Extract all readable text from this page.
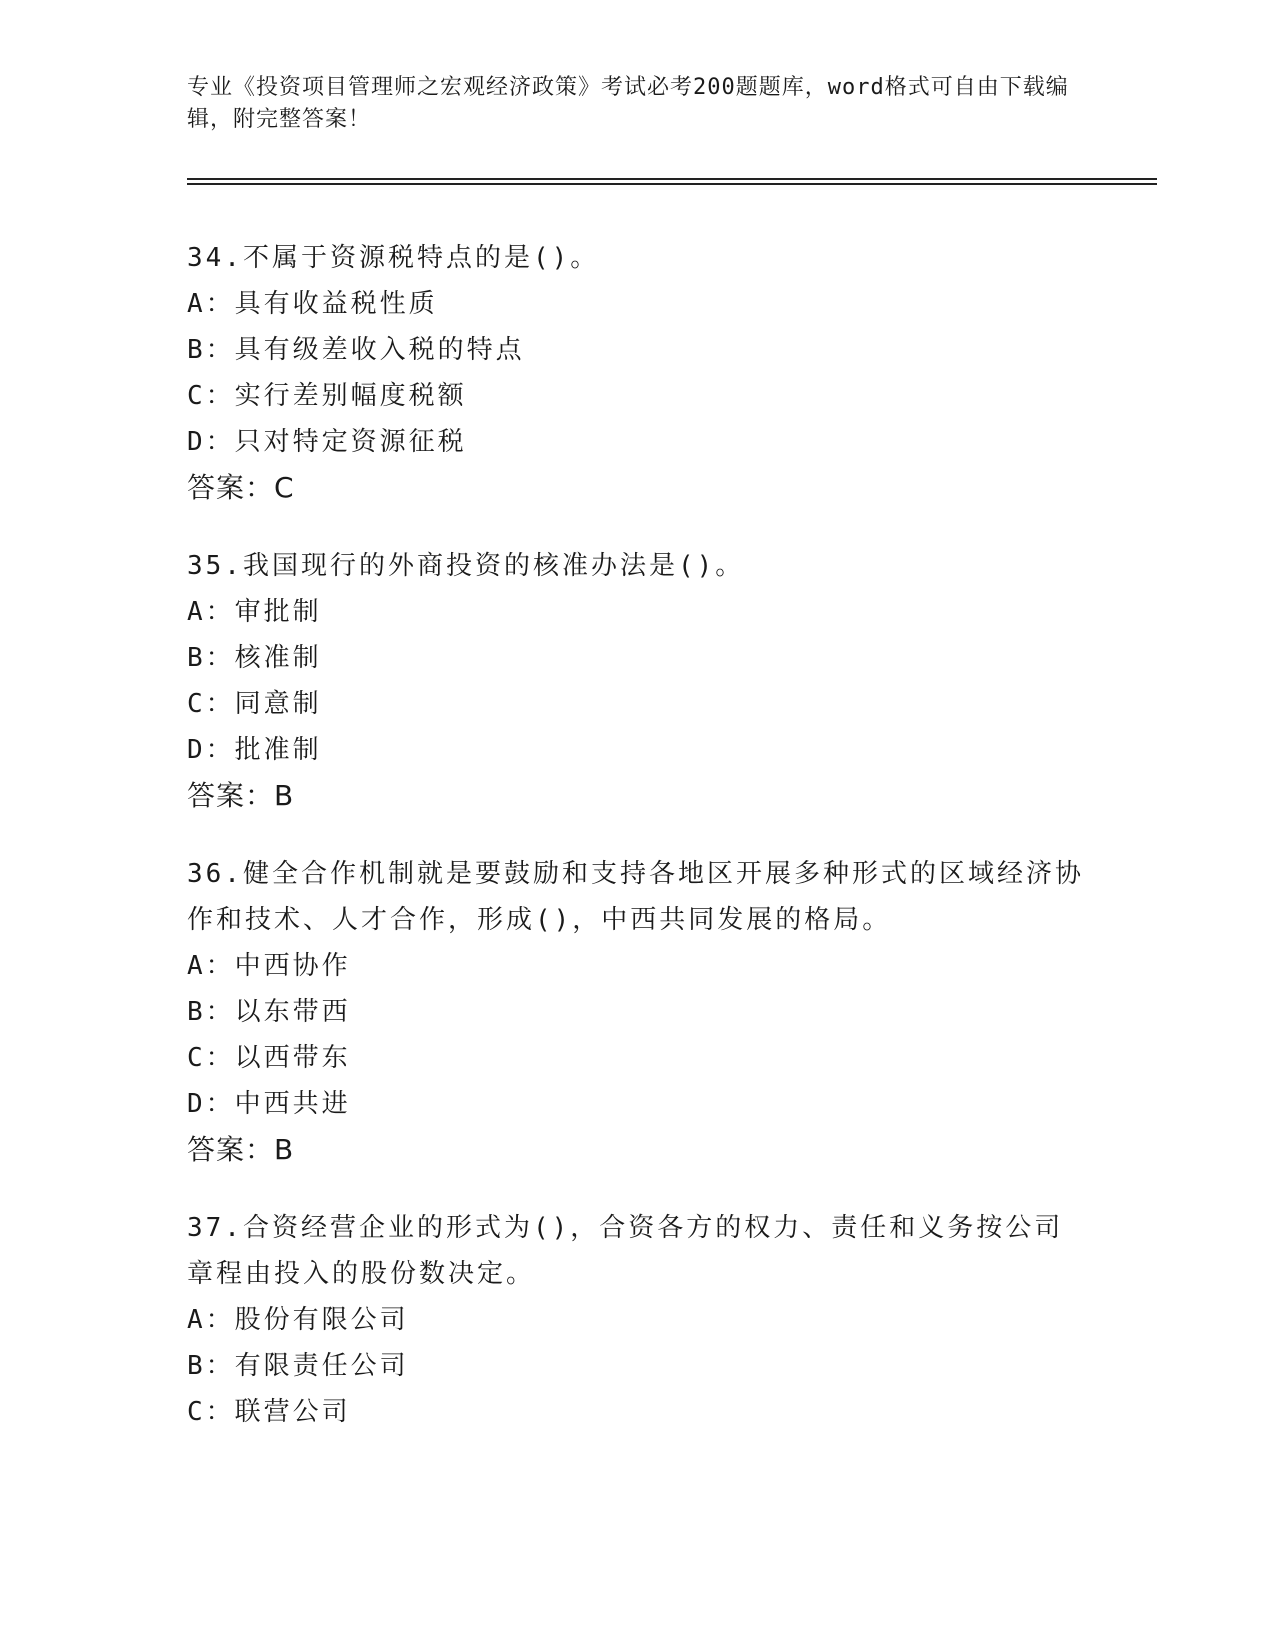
专业《投资项目管理师之宏观经济政策》考试必考200题题库，word格式可自由下载编辑，附完整答案！

34.不属于资源税特点的是()。

A：具有收益税性质

B：具有级差收入税的特点

C：实行差别幅度税额

D：只对特定资源征税

答案：C

35.我国现行的外商投资的核准办法是()。

A：审批制

B：核准制

C：同意制

D：批准制

答案：B

36.健全合作机制就是要鼓励和支持各地区开展多种形式的区域经济协作和技术、人才合作，形成()，中西共同发展的格局。

A：中西协作

B：以东带西

C：以西带东

D：中西共进

答案：B

37.合资经营企业的形式为()，合资各方的权力、责任和义务按公司章程由投入的股份数决定。

A：股份有限公司

B：有限责任公司

C：联营公司
